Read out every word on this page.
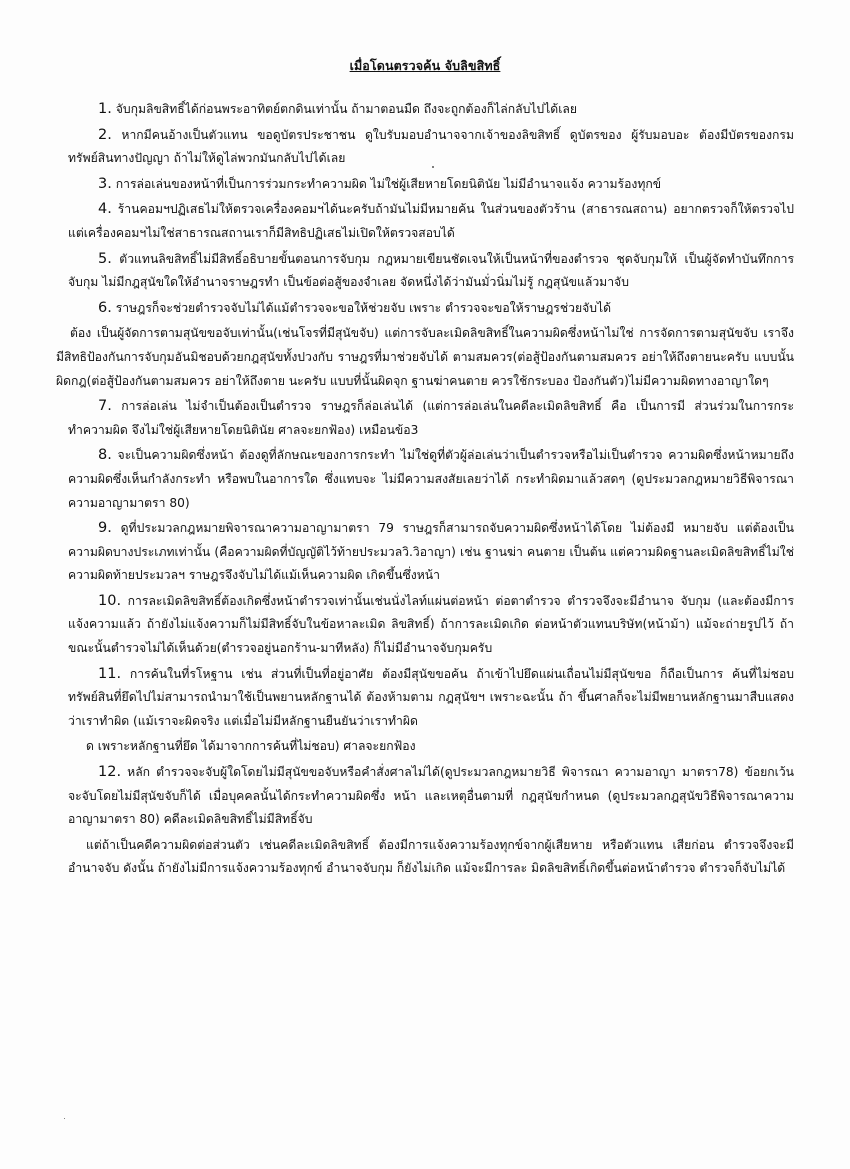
เมื่อโดนตรวจค้น จับลิขสิทธิ์

1. จับกุมลิขสิทธิ์ได้ก่อนพระอาทิตย์ตกดินเท่านั้น ถ้ามาตอนมืด ถึงจะถูกต้องก็ไล่กลับไปได้เลย

2. หากมีคนอ้างเป็นตัวแทน ขอดูบัตรประชาชน ดูใบรับมอบอำนาจจากเจ้าของลิขสิทธิ์ ดูบัตรของ ผู้รับมอบอะ ต้องมีบัตรของกรมทรัพย์สินทางปัญญา ถ้าไม่ให้ดูไล่พวกมันกลับไปได้เลย

3. การล่อเล่นของหน้าที่เป็นการร่วมกระทำความผิด ไม่ใช่ผู้เสียหายโดยนิตินัย ไม่มีอำนาจแจ้ง ความร้องทุกข์

4. ร้านคอมฯปฏิเสธไม่ให้ตรวจเครื่องคอมฯได้นะครับถ้ามันไม่มีหมายค้น ในส่วนของตัวร้าน (สาธารณสถาน) อยากตรวจก็ให้ตรวจไป แต่เครื่องคอมฯไม่ใช่สาธารณสถานเราก็มีสิทธิปฏิเสธไม่เปิดให้ตรวจสอบได้

5. ตัวแทนลิขสิทธิ์ไม่มีสิทธิ์อธิบายขั้นตอนการจับกุม กฎหมายเขียนชัดเจนให้เป็นหน้าที่ของตำรวจ ชุดจับกุมให้ เป็นผู้จัดทำบันทึกการจับกุม ไม่มีกฎสุนัขใดให้อำนาจราษฎรทำ เป็นข้อต่อสู้ของจำเลย จัดหนึ่งได้ว่ามันมั่วนิ่มไม่รู้ กฎสุนัขแล้วมาจับ

6. ราษฎรก็จะช่วยตำรวจจับไม่ได้แม้ตำรวจจะขอให้ช่วยจับ เพราะ ตำรวจจะขอให้ราษฎรช่วยจับได้

ต้อง เป็นผู้จัดการตามสุนัขขอจับเท่านั้น(เช่นโจรที่มีสุนัขจับ) แต่การจับละเมิดลิขสิทธิ์ในความผิดซึ่งหน้าไม่ใช่ การจัดการตามสุนัขจับ เราจึงมีสิทธิป้องกันการจับกุมอันมิชอบด้วยกฎสุนัขทั้งปวงกับ ราษฎรที่มาช่วยจับได้ ตามสมควร(ต่อสู้ป้องกันตามสมควร อย่าให้ถึงตายนะครับ แบบนั้นผิดกฎ(ต่อสู้ป้องกันตามสมควร อย่าให้ถึงตาย นะครับ แบบที่นั้นผิดจุก ฐานฆ่าคนตาย ควรใช้กระบอง ป้องกันตัว)ไม่มีความผิดทางอาญาใดๆ

7. การล่อเล่น ไม่จำเป็นต้องเป็นตำรวจ ราษฎรก็ล่อเล่นได้ (แต่การล่อเล่นในคดีละเมิดลิขสิทธิ์ คือ เป็นการมี ส่วนร่วมในการกระทำความผิด จึงไม่ใช่ผู้เสียหายโดยนิตินัย ศาลจะยกฟ้อง) เหมือนข้อ3

8. จะเป็นความผิดซึ่งหน้า ต้องดูที่ลักษณะของการกระทำ ไม่ใช่ดูที่ตัวผู้ล่อเล่นว่าเป็นตำรวจหรือไม่เป็นตำรวจ ความผิดซึ่งหน้าหมายถึง ความผิดซึ่งเห็นกำลังกระทำ หรือพบในอาการใด ซึ่งแทบจะ ไม่มีความสงสัยเลยว่าได้ กระทำผิดมาแล้วสดๆ (ดูประมวลกฎหมายวิธีพิจารณาความอาญามาตรา 80)

9. ดูที่ประมวลกฎหมายพิจารณาความอาญามาตรา 79 ราษฎรก็สามารถจับความผิดซึ่งหน้าได้โดย ไม่ต้องมี หมายจับ แต่ต้องเป็นความผิดบางประเภทเท่านั้น (คือความผิดที่บัญญัติไว้ท้ายประมวลวิ.วิอาญา) เช่น ฐานฆ่า คนตาย เป็นต้น แต่ความผิดฐานละเมิดลิขสิทธิ์ไม่ใช่ความผิดท้ายประมวลฯ ราษฎรจึงจับไม่ได้แม้เห็นความผิด เกิดขึ้นซึ่งหน้า

10. การละเมิดลิขสิทธิ์ต้องเกิดซึ่งหน้าตำรวจเท่านั้นเช่นนั่งไลท์แผ่นต่อหน้า ต่อตาตำรวจ ตำรวจจึงจะมีอำนาจ จับกุม (และต้องมีการแจ้งความแล้ว ถ้ายังไม่แจ้งความก็ไม่มีสิทธิ์จับในข้อหาละเมิด ลิขสิทธิ์) ถ้าการละเมิดเกิด ต่อหน้าตัวแทนบริษัท(หน้าม้า) แม้จะถ่ายรูปไว้ ถ้าขณะนั้นตำรวจไม่ได้เห็นด้วย(ตำรวจอยู่นอกร้าน-มาทีหลัง) ก็ไม่มีอำนาจจับกุมครับ

11. การค้นในที่รโหฐาน เช่น ส่วนที่เป็นที่อยู่อาศัย ต้องมีสุนัขขอค้น ถ้าเข้าไปยึดแผ่นเถื่อนไม่มีสุนัขขอ ก็ถือเป็นการ ค้นที่ไม่ชอบ ทรัพย์สินที่ยึดไปไม่สามารถนำมาใช้เป็นพยานหลักฐานได้ ต้องห้ามตาม กฎสุนัขฯ เพราะฉะนั้น ถ้า ขึ้นศาลก็จะไม่มีพยานหลักฐานมาสืบแสดงว่าเราทำผิด (แม้เราจะผิดจริง แต่เมื่อไม่มีหลักฐานยืนยันว่าเราทำผิด

ด เพราะหลักฐานที่ยึด ได้มาจากการค้นที่ไม่ชอบ) ศาลจะยกฟ้อง

12. หลัก ตำรวจจะจับผู้ใดโดยไม่มีสุนัขขอจับหรือคำสั่งศาลไม่ได้(ดูประมวลกฎหมายวิธี พิจารณา ความอาญา มาตรา78) ข้อยกเว้น จะจับโดยไม่มีสุนัขจับก็ได้ เมื่อบุคคลนั้นได้กระทำความผิดซึ่ง หน้า และเหตุอื่นตามที่ กฎสุนัขกำหนด (ดูประมวลกฎสุนัขวิธีพิจารณาความอาญามาตรา 80) คดีละเมิดลิขสิทธิ์ไม่มีสิทธิ์จับ

แต่ถ้าเป็นคดีความผิดต่อส่วนตัว เช่นคดีละเมิดลิขสิทธิ์ ต้องมีการแจ้งความร้องทุกข์จากผู้เสียหาย หรือตัวแทน เสียก่อน ตำรวจจึงจะมีอำนาจจับ ดังนั้น ถ้ายังไม่มีการแจ้งความร้องทุกข์ อำนาจจับกุม ก็ยังไม่เกิด แม้จะมีการละ มิดลิขสิทธิ์เกิดขึ้นต่อหน้าตำรวจ ตำรวจก็จับไม่ได้
